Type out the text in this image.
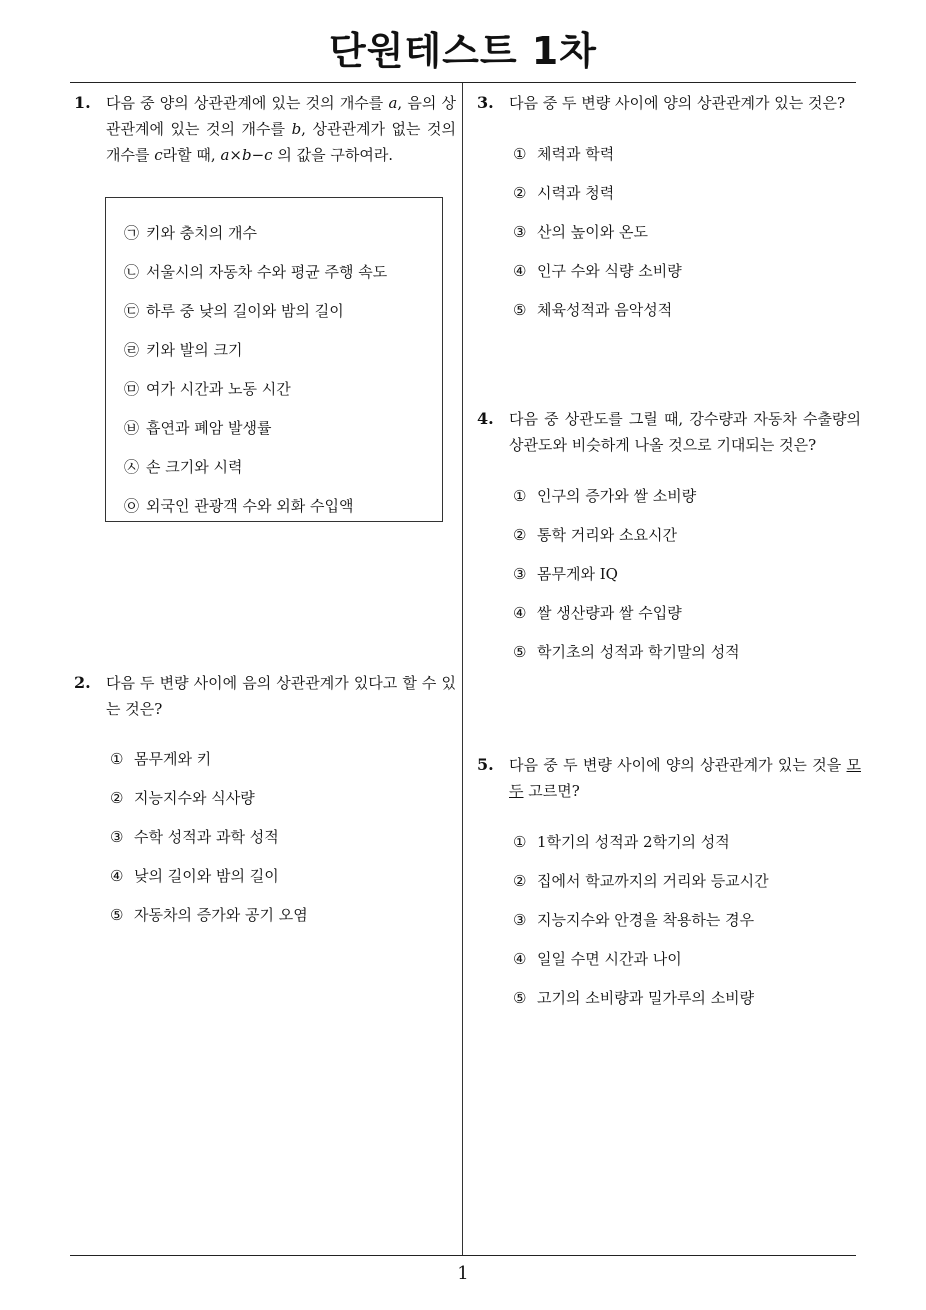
단원테스트 1차
1
1. 다음 중 양의 상관관계에 있는 것의 개수를 a, 음의 상관관계에 있는 것의 개수를 b, 상관관계가 없는 것의 개수를 c라할 때, a×b−c 의 값을 구하여라.
㉠ 키와 충치의 개수
㉡ 서울시의 자동차 수와 평균 주행 속도
㉢ 하루 중 낮의 길이와 밤의 길이
㉣ 키와 발의 크기
㉤ 여가 시간과 노동 시간
㉥ 흡연과 폐암 발생률
㉦ 손 크기와 시력
㉧ 외국인 관광객 수와 외화 수입액
2. 다음 두 변량 사이에 음의 상관관계가 있다고 할 수 있는 것은?
① 몸무게와 키
② 지능지수와 식사량
③ 수학 성적과 과학 성적
④ 낮의 길이와 밤의 길이
⑤ 자동차의 증가와 공기 오염
3. 다음 중 두 변량 사이에 양의 상관관계가 있는 것은?
① 체력과 학력
② 시력과 청력
③ 산의 높이와 온도
④ 인구 수와 식량 소비량
⑤ 체육성적과 음악성적
4. 다음 중 상관도를 그릴 때, 강수량과 자동차 수출량의 상관도와 비슷하게 나올 것으로 기대되는 것은?
① 인구의 증가와 쌀 소비량
② 통학 거리와 소요시간
③ 몸무게와 IQ
④ 쌀 생산량과 쌀 수입량
⑤ 학기초의 성적과 학기말의 성적
5. 다음 중 두 변량 사이에 양의 상관관계가 있는 것을 모두 고르면?
① 1학기의 성적과 2학기의 성적
② 집에서 학교까지의 거리와 등교시간
③ 지능지수와 안경을 착용하는 경우
④ 일일 수면 시간과 나이
⑤ 고기의 소비량과 밀가루의 소비량
